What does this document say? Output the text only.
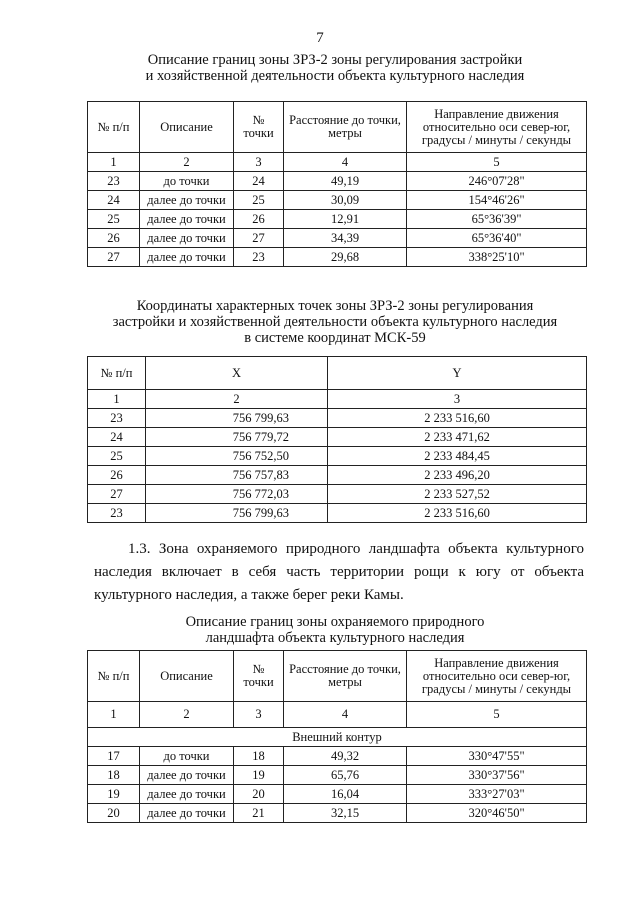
7
Описание границ зоны ЗРЗ-2 зоны регулирования застройки
и хозяйственной деятельности объекта культурного наследия
№ п/п	Описание	№ точки	Расстояние до точки, метры	Направление движения относительно оси север-юг, градусы / минуты / секунды
1	2	3	4	5
23	до точки	24	49,19	246°07'28"
24	далее до точки	25	30,09	154°46'26"
25	далее до точки	26	12,91	65°36'39"
26	далее до точки	27	34,39	65°36'40"
27	далее до точки	23	29,68	338°25'10"
Координаты характерных точек зоны ЗРЗ-2 зоны регулирования
застройки и хозяйственной деятельности объекта культурного наследия
в системе координат МСК-59
№ п/п	X	Y
1	2	3
23	756 799,63	2 233 516,60
24	756 779,72	2 233 471,62
25	756 752,50	2 233 484,45
26	756 757,83	2 233 496,20
27	756 772,03	2 233 527,52
23	756 799,63	2 233 516,60
1.3. Зона охраняемого природного ландшафта объекта культурного
наследия включает в себя часть территории рощи к югу от объекта
культурного наследия, а также берег реки Камы.
Описание границ зоны охраняемого природного
ландшафта объекта культурного наследия
№ п/п	Описание	№ точки	Расстояние до точки, метры	Направление движения относительно оси север-юг, градусы / минуты / секунды
1	2	3	4	5
Внешний контур				
17	до точки	18	49,32	330°47'55"
18	далее до точки	19	65,76	330°37'56"
19	далее до точки	20	16,04	333°27'03"
20	далее до точки	21	32,15	320°46'50"
